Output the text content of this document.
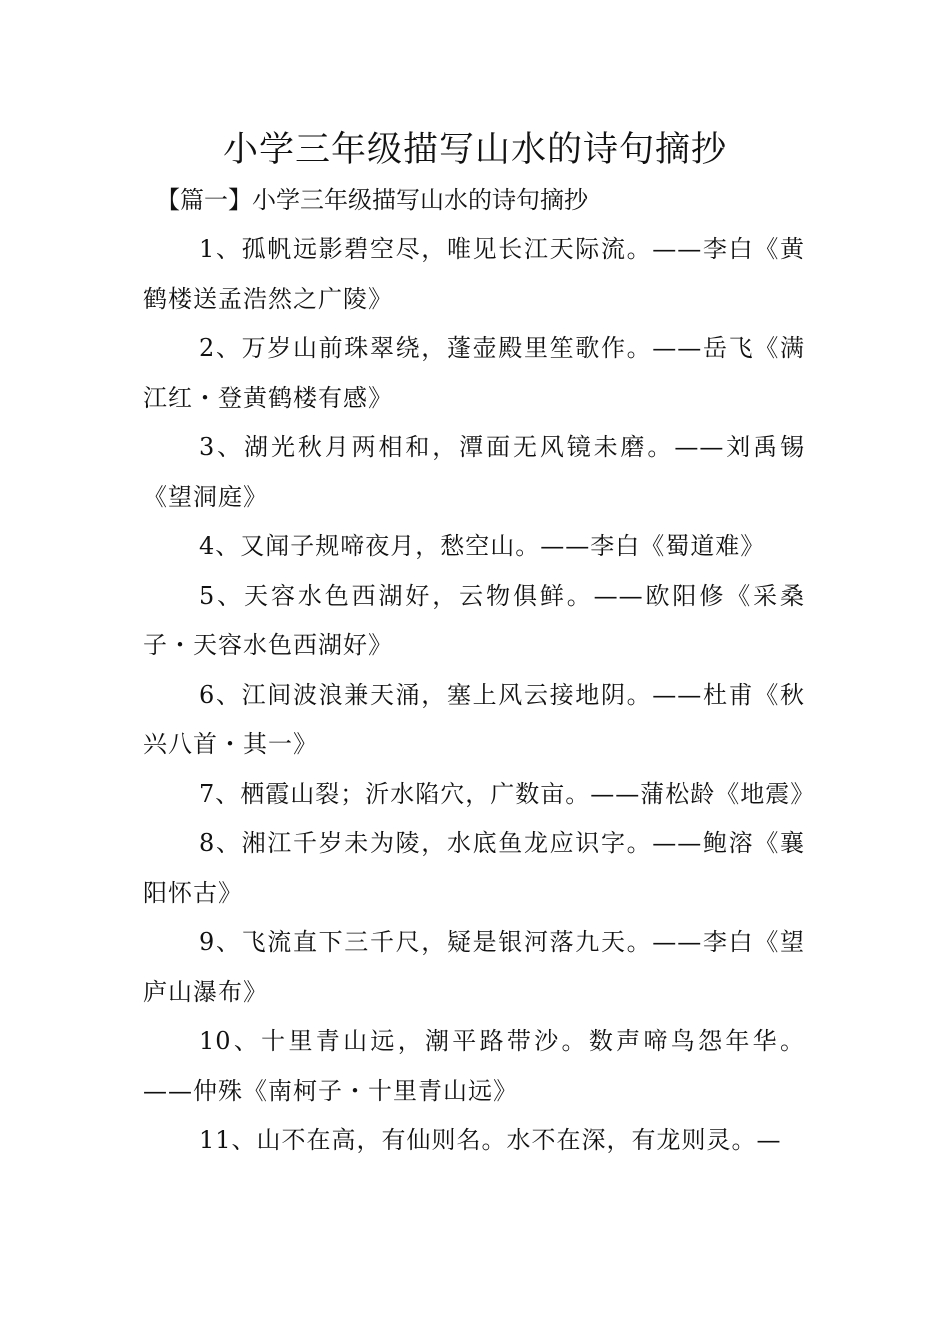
小学三年级描写山水的诗句摘抄
【篇一】小学三年级描写山水的诗句摘抄

1、孤帆远影碧空尽，唯见长江天际流。——李白《黄鹤楼送孟浩然之广陵》

2、万岁山前珠翠绕，蓬壶殿里笙歌作。——岳飞《满江红・登黄鹤楼有感》

3、湖光秋月两相和，潭面无风镜未磨。——刘禹锡《望洞庭》

4、又闻子规啼夜月，愁空山。——李白《蜀道难》

5、天容水色西湖好，云物俱鲜。——欧阳修《采桑子・天容水色西湖好》

6、江间波浪兼天涌，塞上风云接地阴。——杜甫《秋兴八首・其一》

7、栖霞山裂；沂水陷穴，广数亩。——蒲松龄《地震》

8、湘江千岁未为陵，水底鱼龙应识字。——鲍溶《襄阳怀古》

9、飞流直下三千尺，疑是银河落九天。——李白《望庐山瀑布》

10、十里青山远，潮平路带沙。数声啼鸟怨年华。——仲殊《南柯子・十里青山远》

11、山不在高，有仙则名。水不在深，有龙则灵。—
